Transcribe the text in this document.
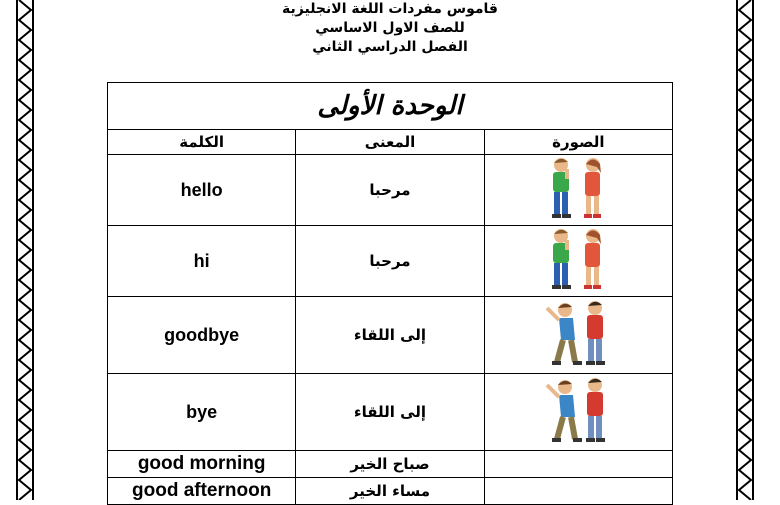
قاموس مفردات اللغة الانجليزية
للصف الاول الاساسي
الفصل الدراسي الثاني
الوحدة الأولى		
الكلمة	المعنى	الصورة
hello	مرحبا	
hi	مرحبا	
goodbye	إلى اللقاء	
bye	إلى اللقاء	
good morning	صباح الخير	
good afternoon	مساء الخير	
